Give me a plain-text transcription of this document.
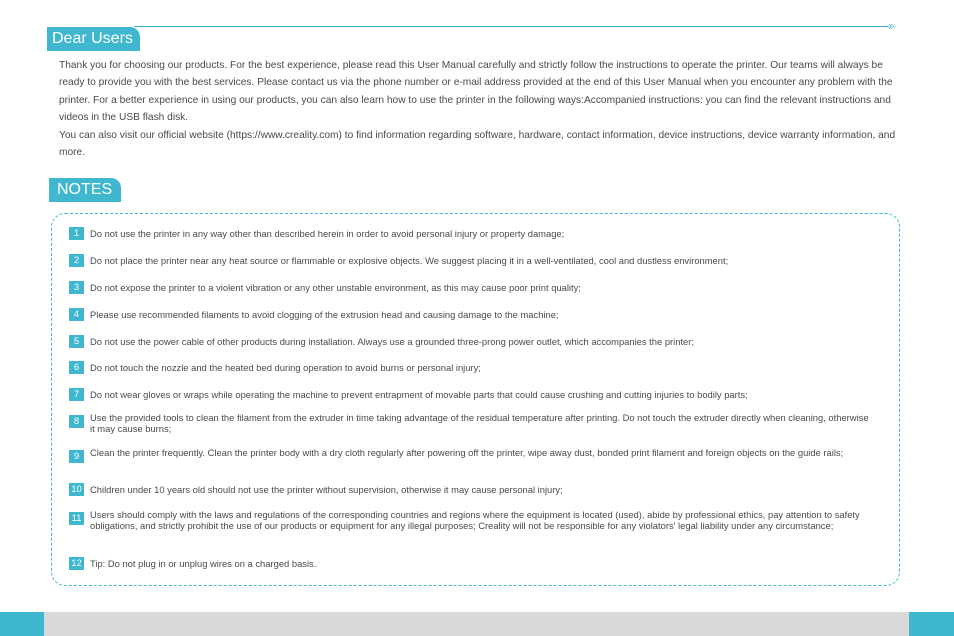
›››
Dear Users

Thank you for choosing our products. For the best experience, please read this User Manual carefully and strictly follow the instructions to operate the printer. Our teams will always be ready to provide you with the best services. Please contact us via the phone number or e-mail address provided at the end of this User Manual when you encounter any problem with the printer. For a better experience in using our products, you can also learn how to use the printer in the following ways:Accompanied instructions: you can find the relevant instructions and videos in the USB flash disk.

You can also visit our official website (https://www.creality.com) to find information regarding software, hardware, contact information, device instructions, device warranty information, and more.

NOTES
1	Do not use the printer in any way other than described herein in order to avoid personal injury or property damage;
2	Do not place the printer near any heat source or flammable or explosive objects. We suggest placing it in a well-ventilated, cool and dustless environment;
3	Do not expose the printer to a violent vibration or any other unstable environment, as this may cause poor print quality;
4	Please use recommended filaments to avoid clogging of the extrusion head and causing damage to the machine;
5	Do not use the power cable of other products during installation. Always use a grounded three-prong power outlet, which accompanies the printer;
6	Do not touch the nozzle and the heated bed during operation to avoid burns or personal injury;
7	Do not wear gloves or wraps while operating the machine to prevent entrapment of movable parts that could cause crushing and cutting injuries to bodily parts;
8	Use the provided tools to clean the filament from the extruder in time taking advantage of the residual temperature after printing. Do not touch the extruder directly when cleaning, otherwise it may cause burns;
9	Clean the printer frequently. Clean the printer body with a dry cloth regularly after powering off the printer, wipe away dust, bonded print filament and foreign objects on the guide rails;
10 Children under 10 years old should not use the printer without supervision, otherwise it may cause personal injury;
11 Users should comply with the laws and regulations of the corresponding countries and regions where the equipment is located (used), abide by professional ethics, pay attention to safety obligations, and strictly prohibit the use of our products or equipment for any illegal purposes; Creality will not be responsible for any violators' legal liability under any circumstance;
12 Tip: Do not plug in or unplug wires on a charged basis.
